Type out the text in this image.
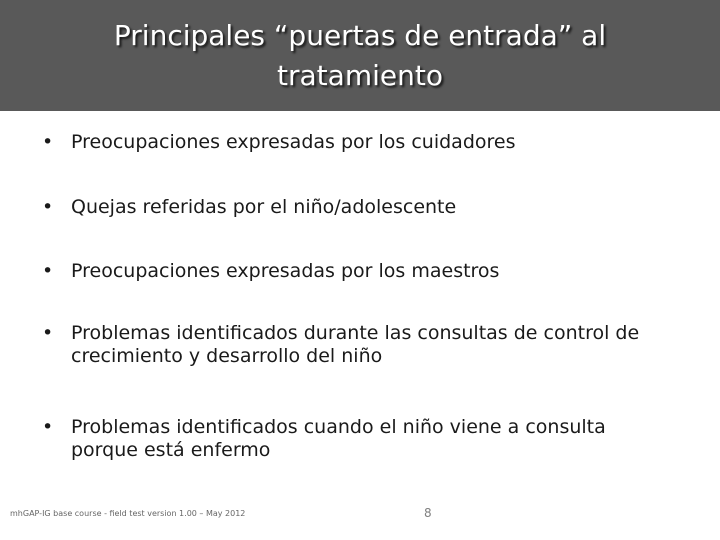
Principales “puertas de entrada” al tratamiento
• Preocupaciones expresadas por los cuidadores
• Quejas referidas por el niño/adolescente
• Preocupaciones expresadas por los maestros
• Problemas identificados durante las consultas de control de crecimiento y desarrollo del niño
• Problemas identificados cuando el niño viene a consulta porque está enfermo
mhGAP-IG base course - field test version 1.00 – May 2012	8
